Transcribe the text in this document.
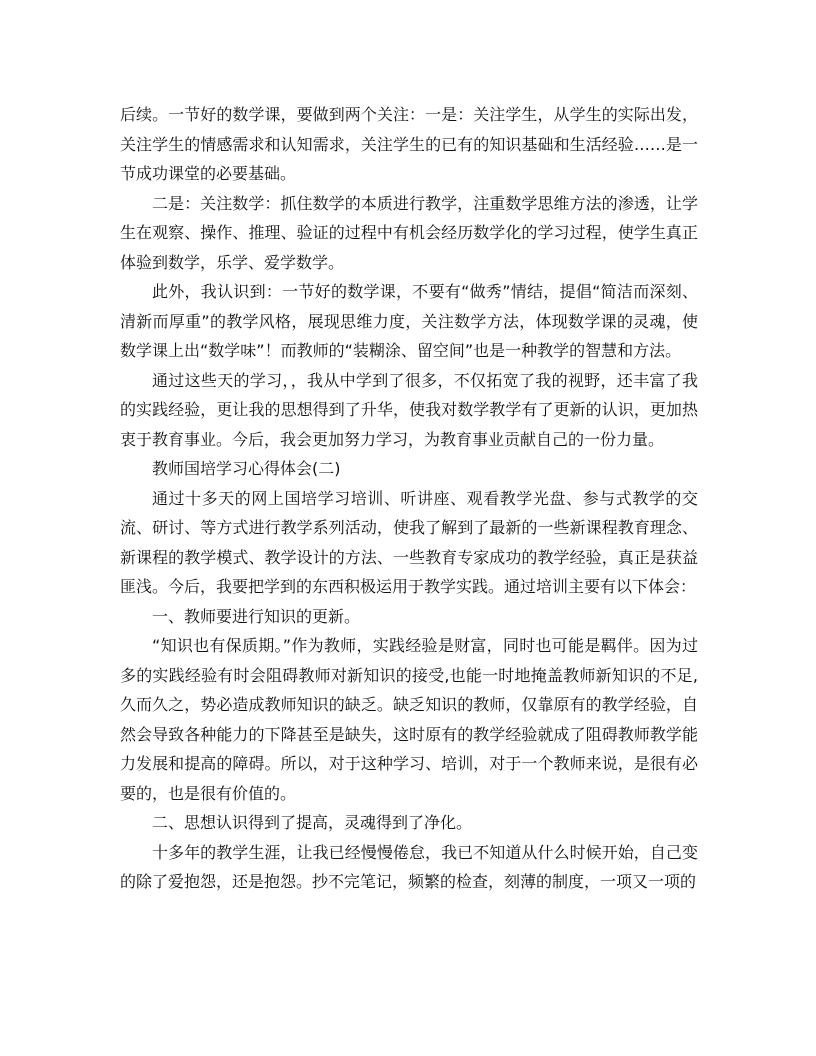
后续。一节好的数学课，要做到两个关注：一是：关注学生，从学生的实际出发，关注学生的情感需求和认知需求，关注学生的已有的知识基础和生活经验……是一节成功课堂的必要基础。

二是：关注数学：抓住数学的本质进行教学，注重数学思维方法的渗透，让学生在观察、操作、推理、验证的过程中有机会经历数学化的学习过程，使学生真正体验到数学，乐学、爱学数学。

此外，我认识到：一节好的数学课，不要有“做秀”情结，提倡“简洁而深刻、清新而厚重”的教学风格，展现思维力度，关注数学方法，体现数学课的灵魂，使数学课上出“数学味”！而教师的“装糊涂、留空间”也是一种教学的智慧和方法。

通过这些天的学习，，我从中学到了很多，不仅拓宽了我的视野，还丰富了我的实践经验，更让我的思想得到了升华，使我对数学教学有了更新的认识，更加热衷于教育事业。今后，我会更加努力学习，为教育事业贡献自己的一份力量。

教师国培学习心得体会(二)

通过十多天的网上国培学习培训、听讲座、观看教学光盘、参与式教学的交流、研讨、等方式进行教学系列活动，使我了解到了最新的一些新课程教育理念、新课程的教学模式、教学设计的方法、一些教育专家成功的教学经验，真正是获益匪浅。今后，我要把学到的东西积极运用于教学实践。通过培训主要有以下体会：

一、教师要进行知识的更新。

“知识也有保质期。”作为教师，实践经验是财富，同时也可能是羁伴。因为过多的实践经验有时会阻碍教师对新知识的接受,也能一时地掩盖教师新知识的不足,久而久之，势必造成教师知识的缺乏。缺乏知识的教师，仅靠原有的教学经验，自然会导致各种能力的下降甚至是缺失，这时原有的教学经验就成了阻碍教师教学能力发展和提高的障碍。所以，对于这种学习、培训，对于一个教师来说，是很有必要的，也是很有价值的。

二、思想认识得到了提高，灵魂得到了净化。

十多年的教学生涯，让我已经慢慢倦怠，我已不知道从什么时候开始，自己变的除了爱抱怨，还是抱怨。抄不完笔记，频繁的检查，刻薄的制度，一项又一项的
